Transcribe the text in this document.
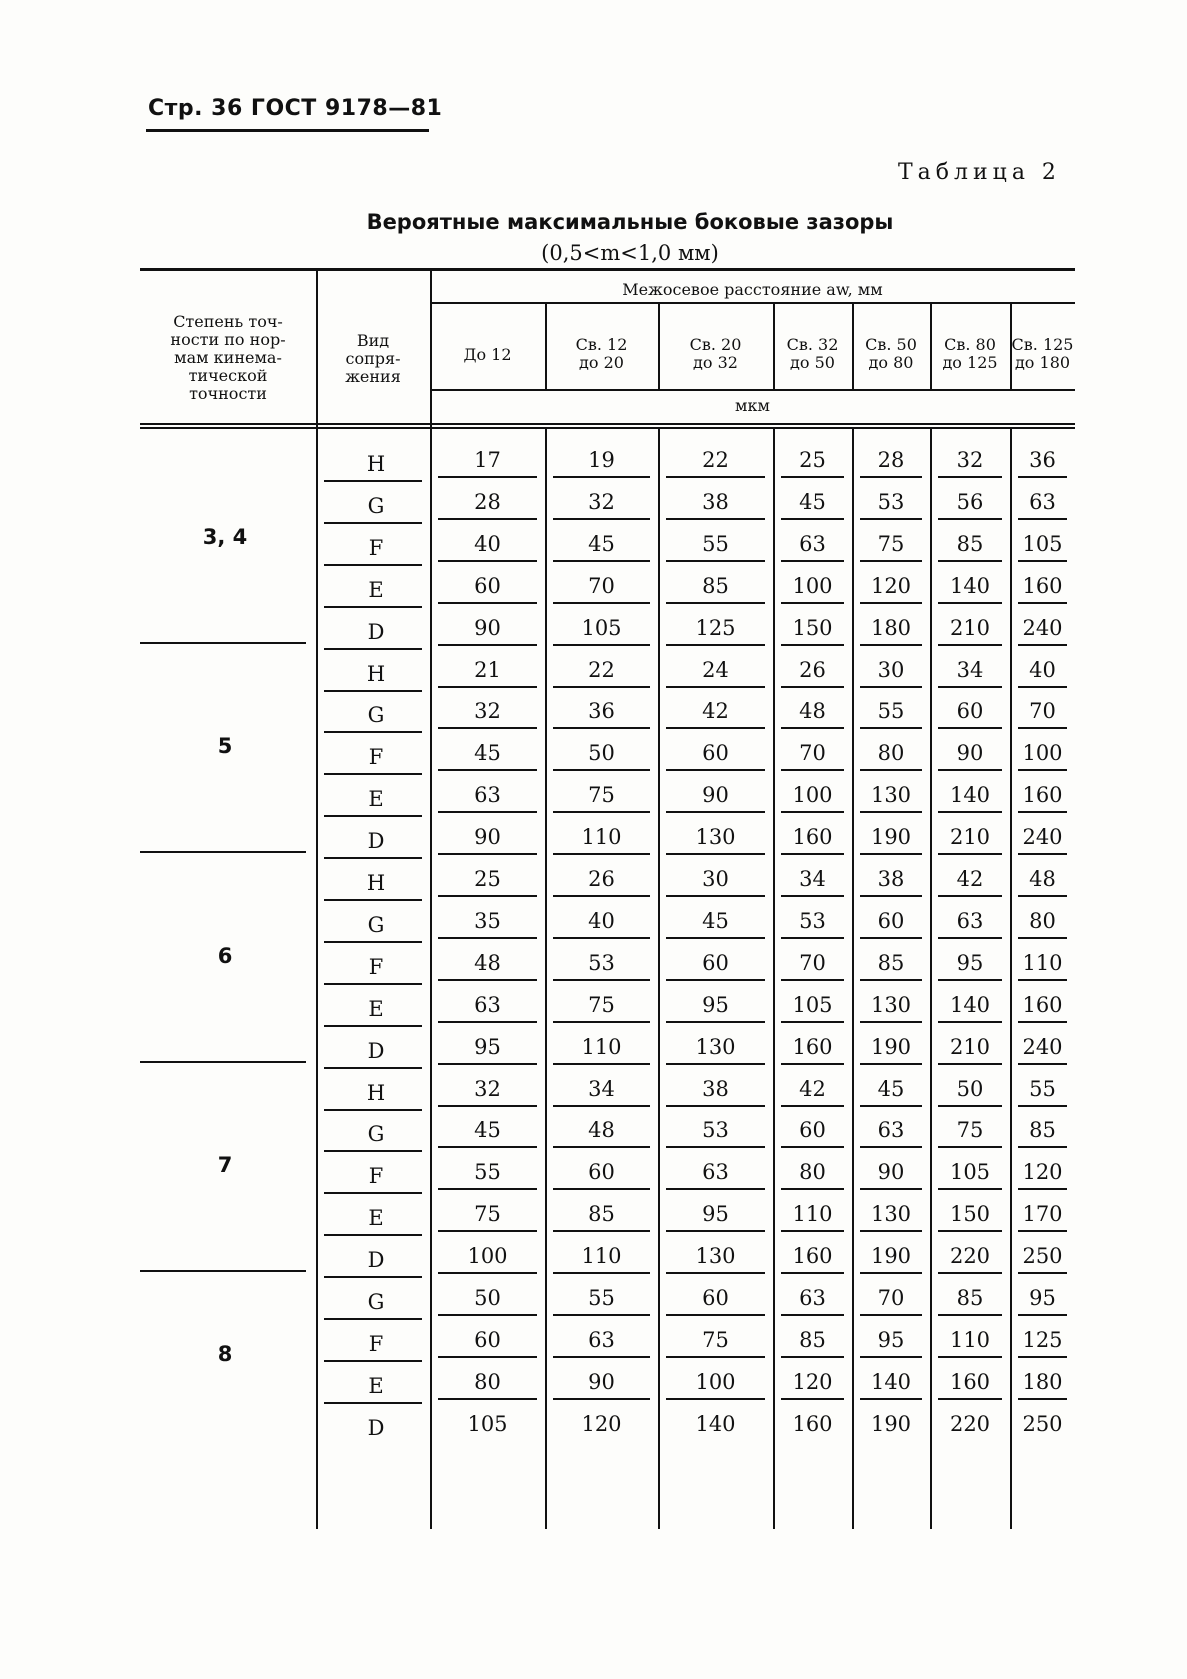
Стр. 36 ГОСТ 9178—81
Таблица 2
Вероятные максимальные боковые зазоры
(0,5<m<1,0 мм)
Степень точ-
ности по нор-
мам кинема-
тической
точности
Вид
сопря-
жения
Межосевое расстояние aw, мм
мкм
До 12
Св. 12
до 20
Св. 20
до 32
Св. 32
до 50
Св. 50
до 80
Св. 80
до 125
Св. 125
до 180
3, 4
H	17	19	22	25	28	32	36
G	28	32	38	45	53	56	63
F	40	45	55	63	75	85	105
E	60	70	85	100	120	140	160
D	90	105	125	150	180	210	240
5
H	21	22	24	26	30	34	40
G	32	36	42	48	55	60	70
F	45	50	60	70	80	90	100
E	63	75	90	100	130	140	160
D	90	110	130	160	190	210	240
6
H	25	26	30	34	38	42	48
G	35	40	45	53	60	63	80
F	48	53	60	70	85	95	110
E	63	75	95	105	130	140	160
D	95	110	130	160	190	210	240
7
H	32	34	38	42	45	50	55
G	45	48	53	60	63	75	85
F	55	60	63	80	90	105	120
E	75	85	95	110	130	150	170
D	100	110	130	160	190	220	250
8
G	50	55	60	63	70	85	95
F	60	63	75	85	95	110	125
E	80	90	100	120	140	160	180
D	105	120	140	160	190	220	250
